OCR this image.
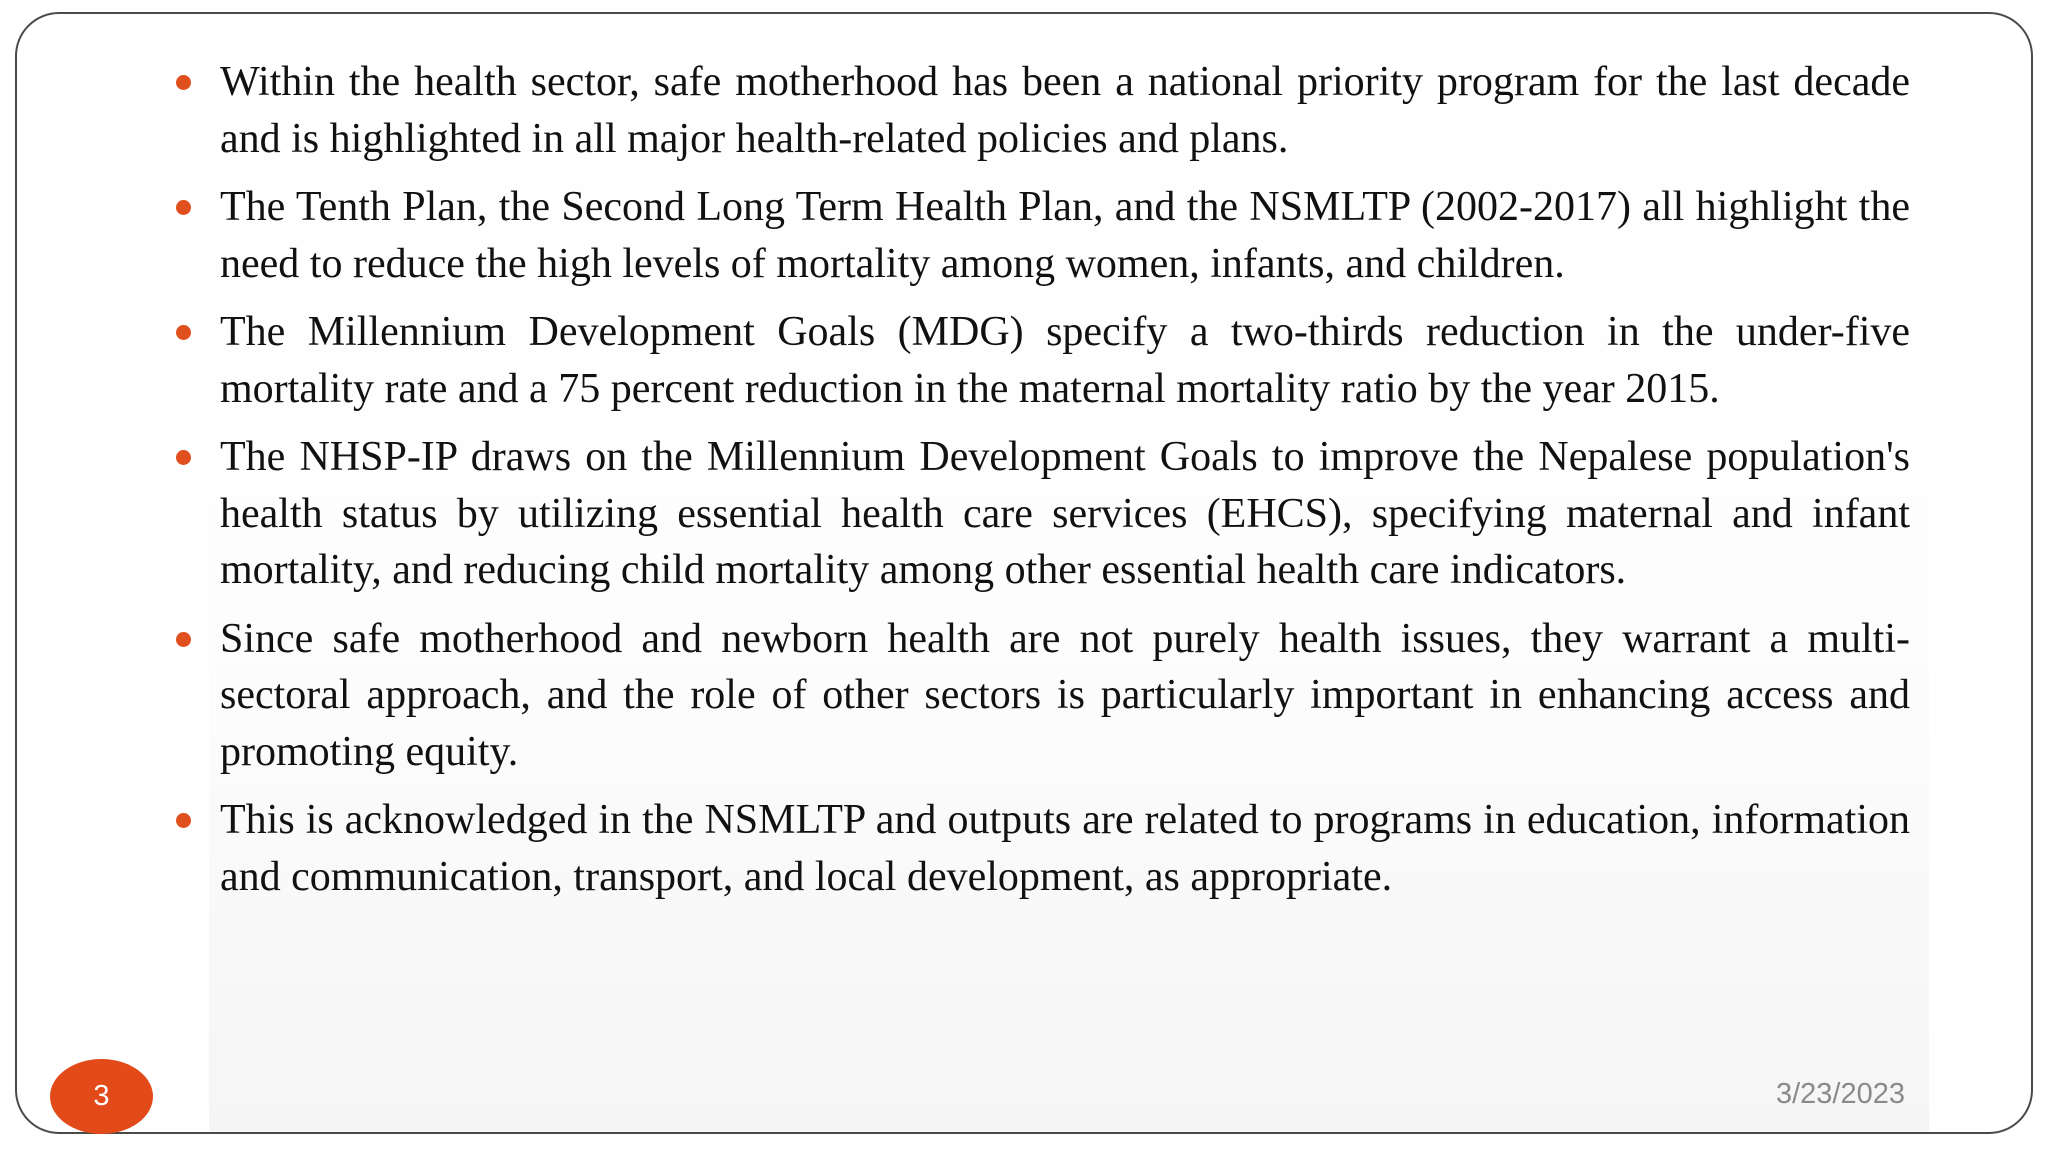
Within the health sector, safe motherhood has been a national priority program for the last decade and is highlighted in all major health-related policies and plans.
The Tenth Plan, the Second Long Term Health Plan, and the NSMLTP (2002-2017) all highlight the need to reduce the high levels of mortality among women, infants, and children.
The Millennium Development Goals (MDG) specify a two-thirds reduction in the under-five mortality rate and a 75 percent reduction in the maternal mortality ratio by the year 2015.
The NHSP-IP draws on the Millennium Development Goals to improve the Nepalese population's health status by utilizing essential health care services (EHCS), specifying maternal and infant mortality, and reducing child mortality among other essential health care indicators.
Since safe motherhood and newborn health are not purely health issues, they warrant a multi-sectoral approach, and the role of other sectors is particularly important in enhancing access and promoting equity.
This is acknowledged in the NSMLTP and outputs are related to programs in education, information and communication, transport, and local development, as appropriate.
3	3/23/2023
